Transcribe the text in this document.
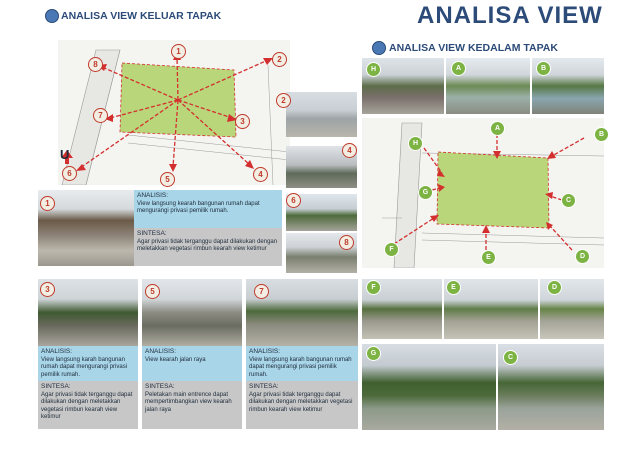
ANALISA VIEW KELUAR TAPAK	ANALISA VIEW
ANALISA VIEW KEDALAM TAPAK
U
1
2
3
4
5
6
7
8
2
4
6
8
1
ANALISIS:
View langsung kearah bangunan rumah dapat mengurangi privasi pemilik rumah.
SINTESA:
Agar privasi tidak terganggu dapat dilakukan dengan meletakkan vegetasi rimbun kearah view ketimur
3
ANALISIS:
View langsung karah bangunan rumah dapat mengurangi privasi pemilik rumah.
SINTESA:
Agar privasi tidak terganggu dapat dilakukan dengan meletakkan vegetasi rimbun kearah view ketimur
5
ANALISIS:
View kearah jalan raya
SINTESA:
Peletakan main entrence dapat mempertimbangkan view kearah jalan raya
7
ANALISIS:
View langsung karah bangunan rumah dapat mengurangi privasi pemilik rumah.
SINTESA:
Agar privasi tidak terganggu dapat dilakukan dengan meletakkan vegetasi rimbun kearah view ketimur
H	A	B
A
B
C
D
E
F
G
H
F	E	D
G
C
